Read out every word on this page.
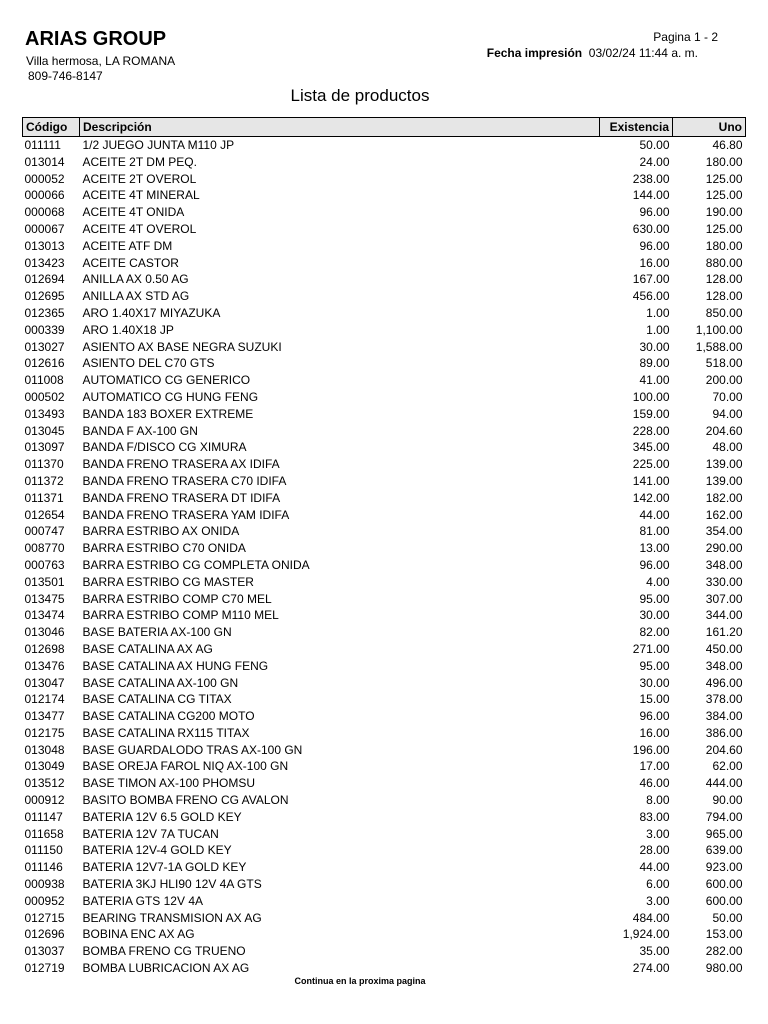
ARIAS GROUP
Villa hermosa, LA ROMANA
809-746-8147
Pagina 1 - 2
Fecha impresión 03/02/24 11:44 a. m.
Lista de productos
Código	Descripción	Existencia	Uno
011111	1/2 JUEGO JUNTA M110 JP	50.00	46.80
013014	ACEITE 2T DM PEQ.	24.00	180.00
000052	ACEITE 2T OVEROL	238.00	125.00
000066	ACEITE 4T MINERAL	144.00	125.00
000068	ACEITE 4T ONIDA	96.00	190.00
000067	ACEITE 4T OVEROL	630.00	125.00
013013	ACEITE ATF DM	96.00	180.00
013423	ACEITE CASTOR	16.00	880.00
012694	ANILLA AX 0.50 AG	167.00	128.00
012695	ANILLA AX STD AG	456.00	128.00
012365	ARO 1.40X17 MIYAZUKA	1.00	850.00
000339	ARO 1.40X18 JP	1.00	1,100.00
013027	ASIENTO AX BASE NEGRA SUZUKI	30.00	1,588.00
012616	ASIENTO DEL C70 GTS	89.00	518.00
011008	AUTOMATICO CG GENERICO	41.00	200.00
000502	AUTOMATICO CG HUNG FENG	100.00	70.00
013493	BANDA 183 BOXER EXTREME	159.00	94.00
013045	BANDA F AX-100 GN	228.00	204.60
013097	BANDA F/DISCO CG XIMURA	345.00	48.00
011370	BANDA FRENO TRASERA AX IDIFA	225.00	139.00
011372	BANDA FRENO TRASERA C70 IDIFA	141.00	139.00
011371	BANDA FRENO TRASERA DT IDIFA	142.00	182.00
012654	BANDA FRENO TRASERA YAM IDIFA	44.00	162.00
000747	BARRA ESTRIBO AX ONIDA	81.00	354.00
008770	BARRA ESTRIBO C70 ONIDA	13.00	290.00
000763	BARRA ESTRIBO CG COMPLETA ONIDA	96.00	348.00
013501	BARRA ESTRIBO CG MASTER	4.00	330.00
013475	BARRA ESTRIBO COMP C70 MEL	95.00	307.00
013474	BARRA ESTRIBO COMP M110 MEL	30.00	344.00
013046	BASE BATERIA AX-100 GN	82.00	161.20
012698	BASE CATALINA AX AG	271.00	450.00
013476	BASE CATALINA AX HUNG FENG	95.00	348.00
013047	BASE CATALINA AX-100 GN	30.00	496.00
012174	BASE CATALINA CG TITAX	15.00	378.00
013477	BASE CATALINA CG200 MOTO	96.00	384.00
012175	BASE CATALINA RX115 TITAX	16.00	386.00
013048	BASE GUARDALODO TRAS AX-100 GN	196.00	204.60
013049	BASE OREJA FAROL NIQ AX-100 GN	17.00	62.00
013512	BASE TIMON AX-100 PHOMSU	46.00	444.00
000912	BASITO BOMBA FRENO CG AVALON	8.00	90.00
011147	BATERIA 12V 6.5 GOLD KEY	83.00	794.00
011658	BATERIA 12V 7A TUCAN	3.00	965.00
011150	BATERIA 12V-4 GOLD KEY	28.00	639.00
011146	BATERIA 12V7-1A GOLD KEY	44.00	923.00
000938	BATERIA 3KJ HLI90 12V 4A GTS	6.00	600.00
000952	BATERIA GTS 12V 4A	3.00	600.00
012715	BEARING TRANSMISION AX AG	484.00	50.00
012696	BOBINA ENC AX AG	1,924.00	153.00
013037	BOMBA FRENO CG TRUENO	35.00	282.00
012719	BOMBA LUBRICACION AX AG	274.00	980.00
Continua en la proxima pagina
